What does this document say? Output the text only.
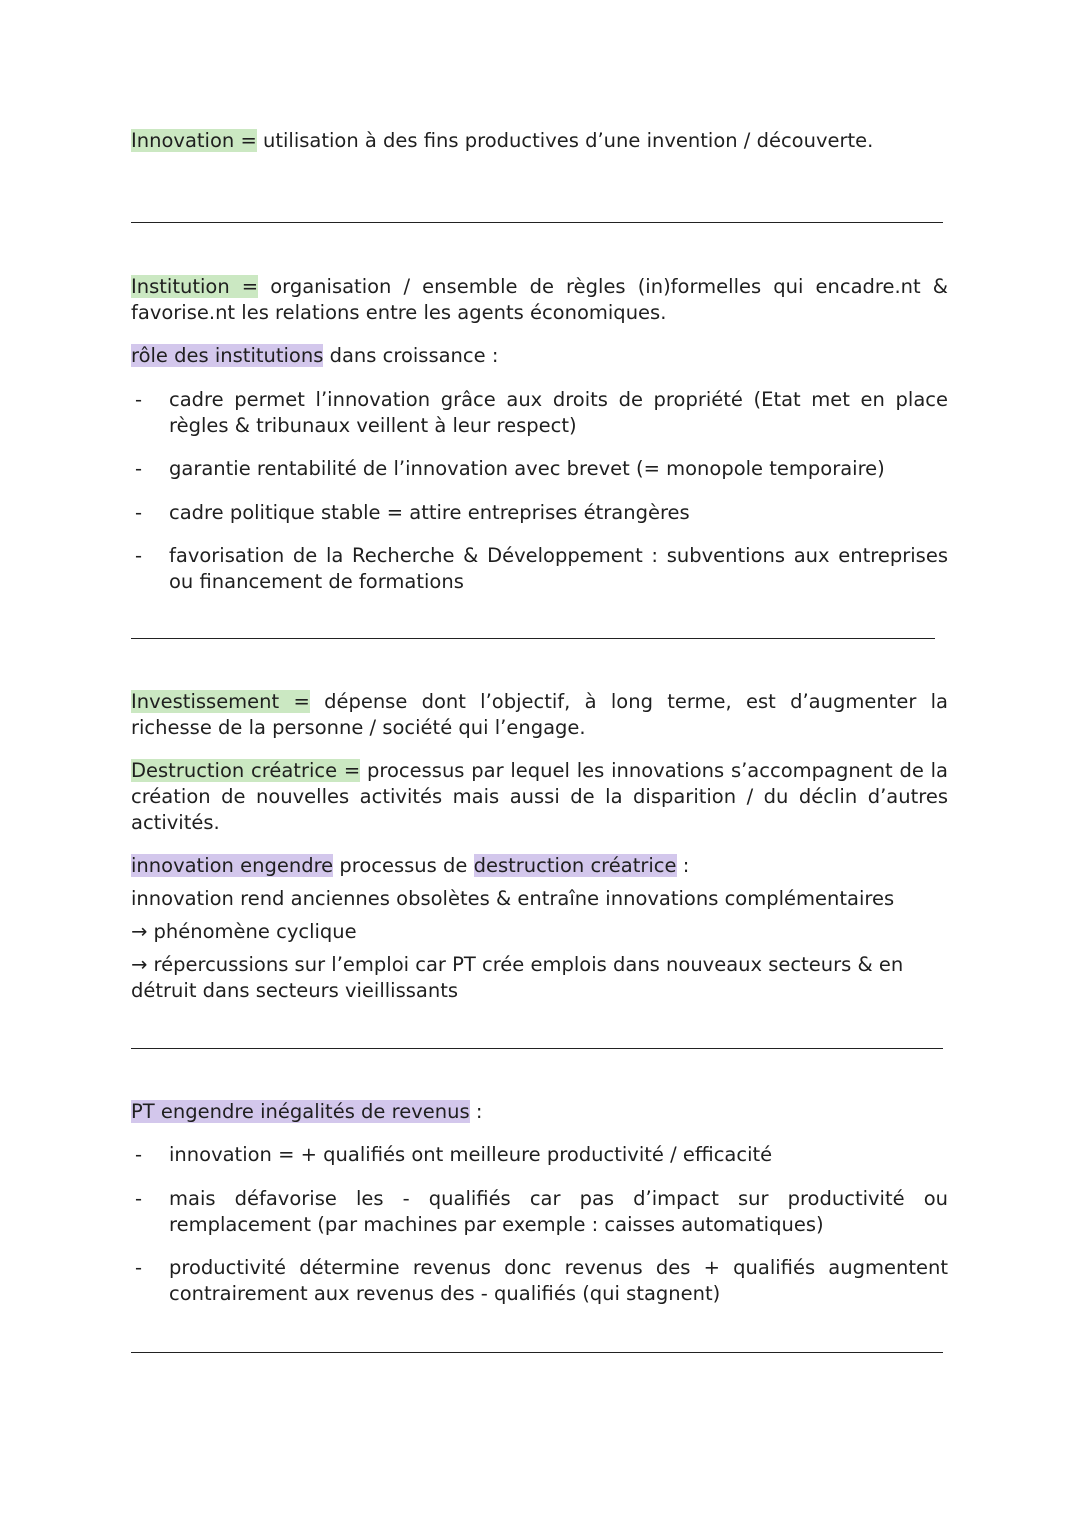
Innovation = utilisation à des fins productives d’une invention / découverte.

Institution = organisation / ensemble de règles (in)formelles qui encadre.nt & favorise.nt les relations entre les agents économiques.

rôle des institutions dans croissance :

- cadre permet l’innovation grâce aux droits de propriété (Etat met en place règles & tribunaux veillent à leur respect)
- garantie rentabilité de l’innovation avec brevet (= monopole temporaire)
- cadre politique stable = attire entreprises étrangères
- favorisation de la Recherche & Développement : subventions aux entreprises ou financement de formations

Investissement = dépense dont l’objectif, à long terme, est d’augmenter la richesse de la personne / société qui l’engage.

Destruction créatrice = processus par lequel les innovations s’accompagnent de la création de nouvelles activités mais aussi de la disparition / du déclin d’autres activités.

innovation engendre processus de destruction créatrice :

innovation rend anciennes obsolètes & entraîne innovations complémentaires

→ phénomène cyclique

→ répercussions sur l’emploi car PT crée emplois dans nouveaux secteurs & en détruit dans secteurs vieillissants

PT engendre inégalités de revenus :

- innovation = + qualifiés ont meilleure productivité / efficacité
- mais défavorise les - qualifiés car pas d’impact sur productivité ou remplacement (par machines par exemple : caisses automatiques)
- productivité détermine revenus donc revenus des + qualifiés augmentent contrairement aux revenus des - qualifiés (qui stagnent)
